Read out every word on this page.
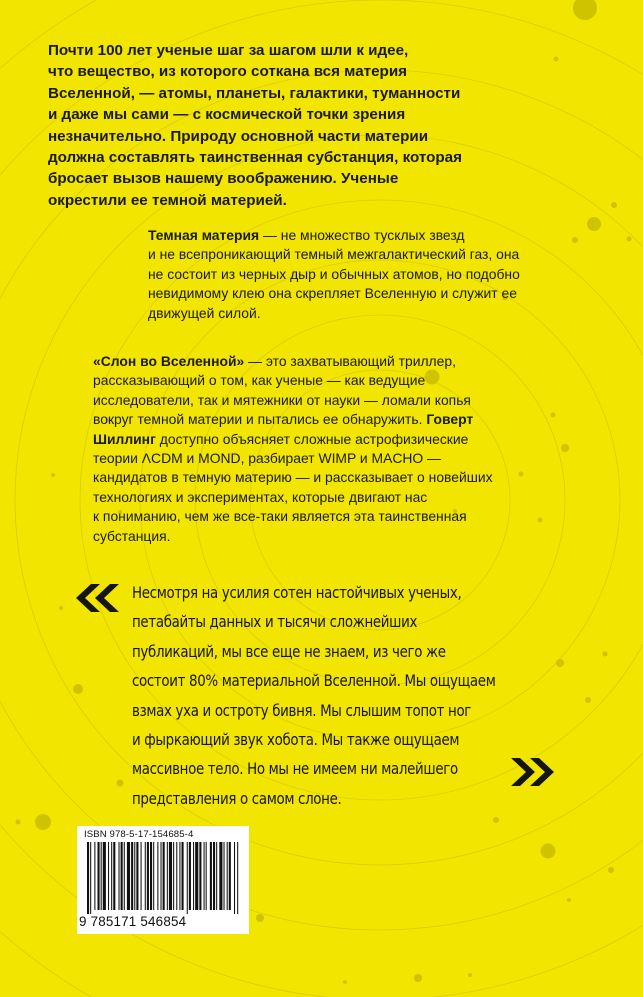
Почти 100 лет ученые шаг за шагом шли к идее,
что вещество, из которого соткана вся материя
Вселенной, — атомы, планеты, галактики, туманности
и даже мы сами — с космической точки зрения
незначительно. Природу основной части материи
должна составлять таинственная субстанция, которая
бросает вызов нашему воображению. Ученые
окрестили ее темной материей.
Темная материя — не множество тусклых звезд
и не всепроникающий темный межгалактический газ, она
не состоит из черных дыр и обычных атомов, но подобно
невидимому клею она скрепляет Вселенную и служит ее
движущей силой.
«Слон во Вселенной» — это захватывающий триллер,
рассказывающий о том, как ученые — как ведущие
исследователи, так и мятежники от науки — ломали копья
вокруг темной материи и пытались ее обнаружить. Говерт
Шиллинг доступно объясняет сложные астрофизические
теории ΛCDM и MOND, разбирает WIMP и MACHO —
кандидатов в темную материю — и рассказывает о новейших
технологиях и экспериментах, которые двигают нас
к пониманию, чем же все-таки является эта таинственная
субстанция.
Несмотря на усилия сотен настойчивых ученых,
петабайты данных и тысячи сложнейших
публикаций, мы все еще не знаем, из чего же
состоит 80% материальной Вселенной. Мы ощущаем
взмах уха и остроту бивня. Мы слышим топот ног
и фыркающий звук хобота. Мы также ощущаем
массивное тело. Но мы не имеем ни малейшего
представления о самом слоне.
ISBN 978-5-17-154685-4
9 785171 546854
